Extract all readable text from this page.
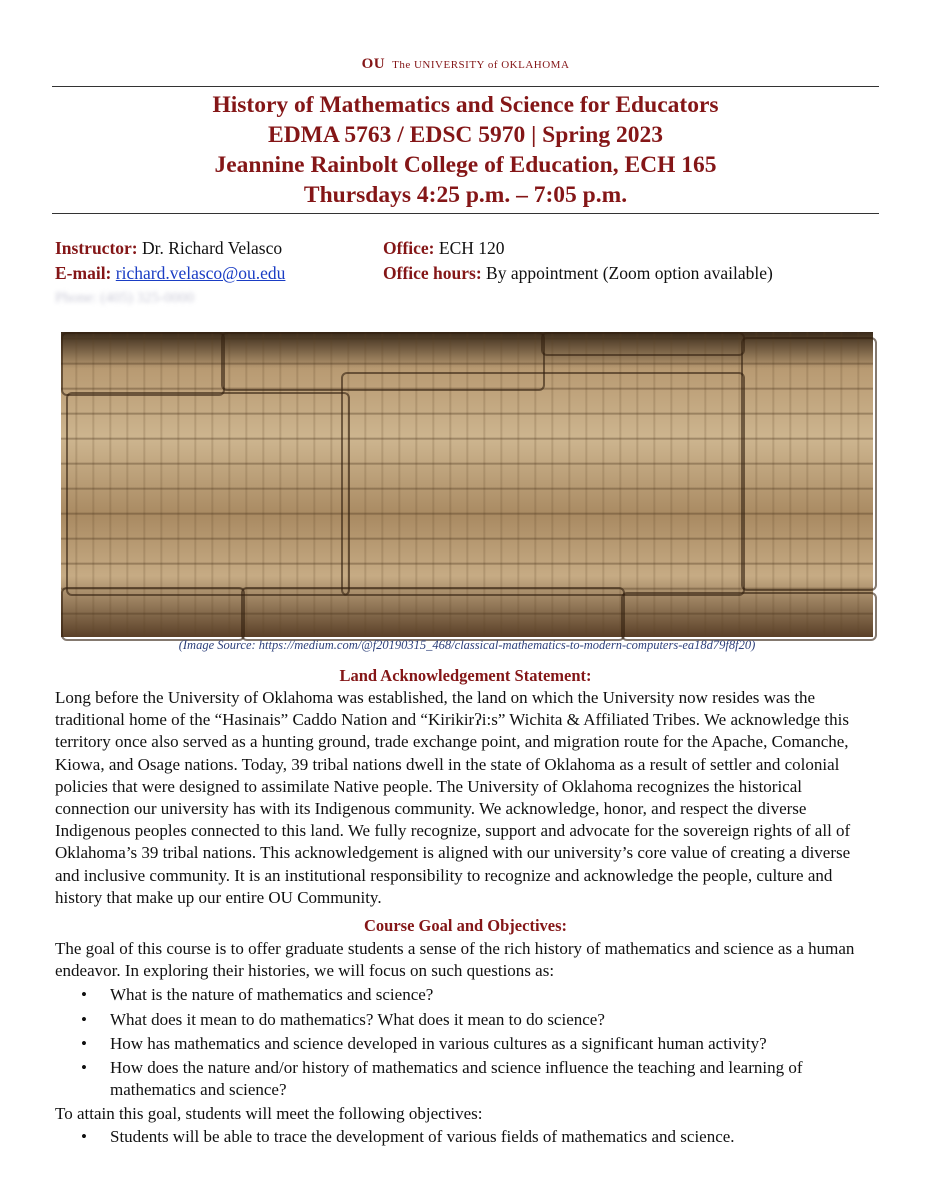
OU The UNIVERSITY of OKLAHOMA
History of Mathematics and Science for Educators
EDMA 5763 / EDSC 5970 | Spring 2023
Jeannine Rainbolt College of Education, ECH 165
Thursdays 4:25 p.m. – 7:05 p.m.
Instructor: Dr. Richard Velasco
E-mail: richard.velasco@ou.edu
Phone: (405) 325-0000
Office: ECH 120
Office hours: By appointment (Zoom option available)
(Image Source: https://medium.com/@f20190315_468/classical-mathematics-to-modern-computers-ea18d79f8f20)
Land Acknowledgement Statement:
Long before the University of Oklahoma was established, the land on which the University now resides was the traditional home of the “Hasinais” Caddo Nation and “Kirikirʔi:s” Wichita & Affiliated Tribes. We acknowledge this territory once also served as a hunting ground, trade exchange point, and migration route for the Apache, Comanche, Kiowa, and Osage nations. Today, 39 tribal nations dwell in the state of Oklahoma as a result of settler and colonial policies that were designed to assimilate Native people. The University of Oklahoma recognizes the historical connection our university has with its Indigenous community. We acknowledge, honor, and respect the diverse Indigenous peoples connected to this land. We fully recognize, support and advocate for the sovereign rights of all of Oklahoma’s 39 tribal nations. This acknowledgement is aligned with our university’s core value of creating a diverse and inclusive community. It is an institutional responsibility to recognize and acknowledge the people, culture and history that make up our entire OU Community.
Course Goal and Objectives:
The goal of this course is to offer graduate students a sense of the rich history of mathematics and science as a human endeavor. In exploring their histories, we will focus on such questions as:
• What is the nature of mathematics and science?
• What does it mean to do mathematics? What does it mean to do science?
• How has mathematics and science developed in various cultures as a significant human activity?
• How does the nature and/or history of mathematics and science influence the teaching and learning of mathematics and science?
To attain this goal, students will meet the following objectives:
• Students will be able to trace the development of various fields of mathematics and science.
